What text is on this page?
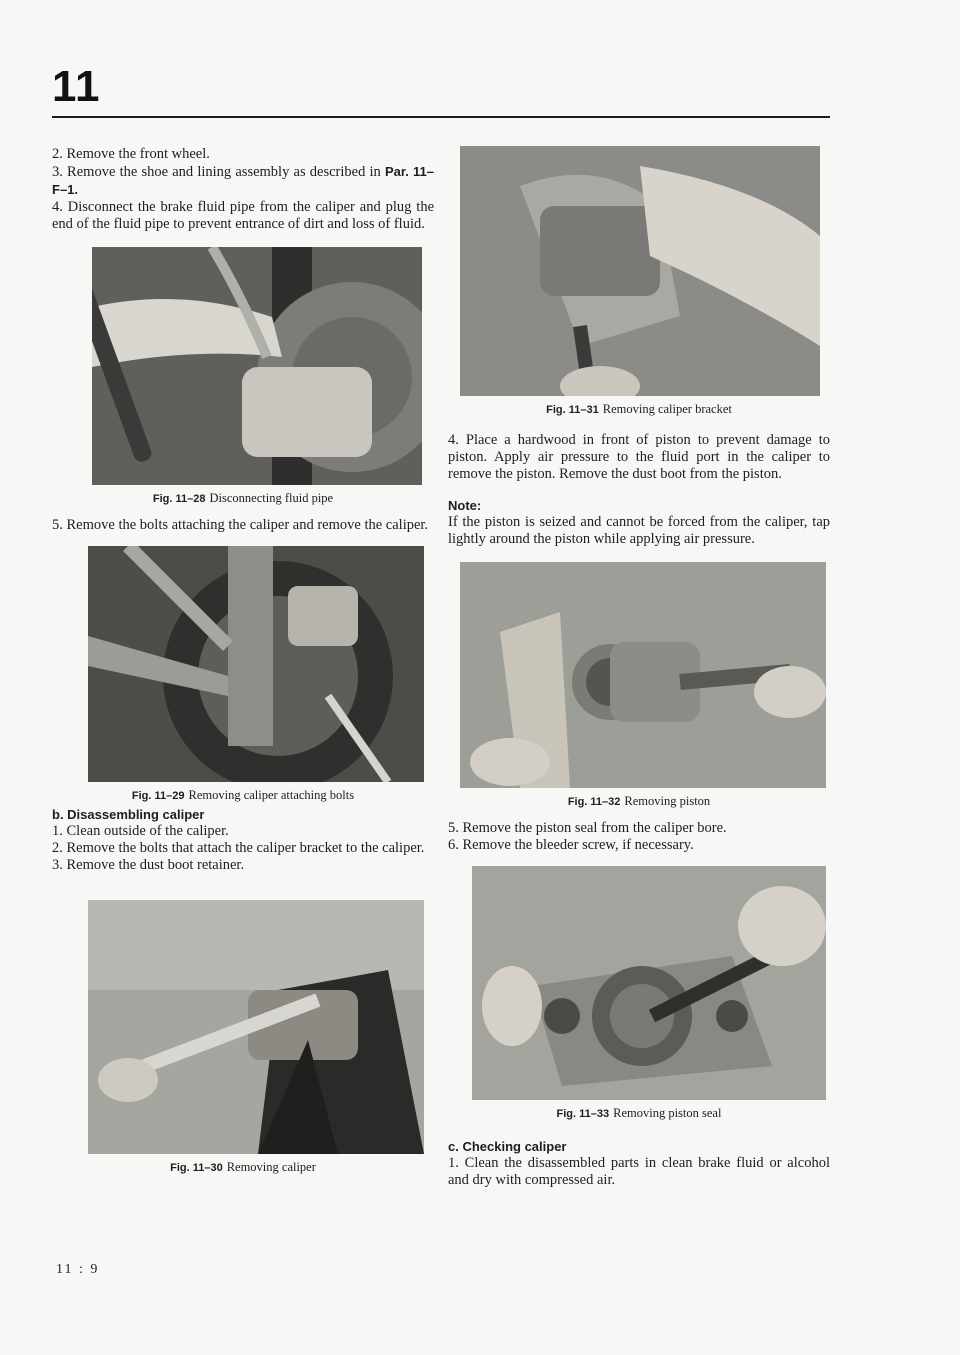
11

2. Remove the front wheel.

3. Remove the shoe and lining assembly as described in Par. 11–F–1.

4. Disconnect the brake fluid pipe from the caliper and plug the end of the fluid pipe to prevent entrance of dirt and loss of fluid.

Fig. 11–28 Disconnecting fluid pipe

5. Remove the bolts attaching the caliper and remove the caliper.

Fig. 11–29 Removing caliper attaching bolts

b. Disassembling caliper

1. Clean outside of the caliper.

2. Remove the bolts that attach the caliper bracket to the caliper.

3. Remove the dust boot retainer.

Fig. 11–30 Removing caliper

Fig. 11–31 Removing caliper bracket

4. Place a hardwood in front of piston to prevent damage to piston. Apply air pressure to the fluid port in the caliper to remove the piston. Remove the dust boot from the piston.

Note:

If the piston is seized and cannot be forced from the caliper, tap lightly around the piston while applying air pressure.

Fig. 11–32 Removing piston

5. Remove the piston seal from the caliper bore.

6. Remove the bleeder screw, if necessary.

Fig. 11–33 Removing piston seal

c. Checking caliper

1. Clean the disassembled parts in clean brake fluid or alcohol and dry with compressed air.

11 : 9
